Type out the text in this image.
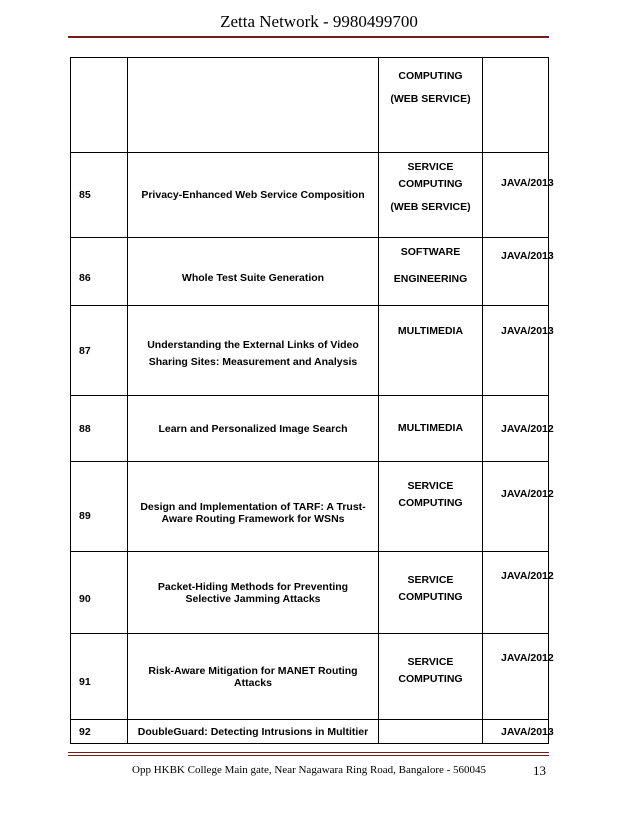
Zetta Network - 9980499700

		COMPUTING
(WEB SERVICE)	

85	Privacy-Enhanced Web Service Composition	SERVICE
COMPUTING
(WEB SERVICE)	JAVA/2013
86	Whole Test Suite Generation	SOFTWARE
ENGINEERING	JAVA/2013
87	Understanding the External Links of Video Sharing Sites: Measurement and Analysis	MULTIMEDIA	JAVA/2013
88	Learn and Personalized Image Search	MULTIMEDIA	JAVA/2012
89	Design and Implementation of TARF: A Trust-Aware Routing Framework for WSNs	SERVICE
COMPUTING	JAVA/2012
90	Packet-Hiding Methods for Preventing Selective Jamming Attacks	SERVICE
COMPUTING	JAVA/2012
91	Risk-Aware Mitigation for MANET Routing Attacks	SERVICE
COMPUTING	JAVA/2012
92	DoubleGuard: Detecting Intrusions in Multitier		JAVA/2013
Opp HKBK College Main gate, Near Nagawara Ring Road, Bangalore - 560045	13
